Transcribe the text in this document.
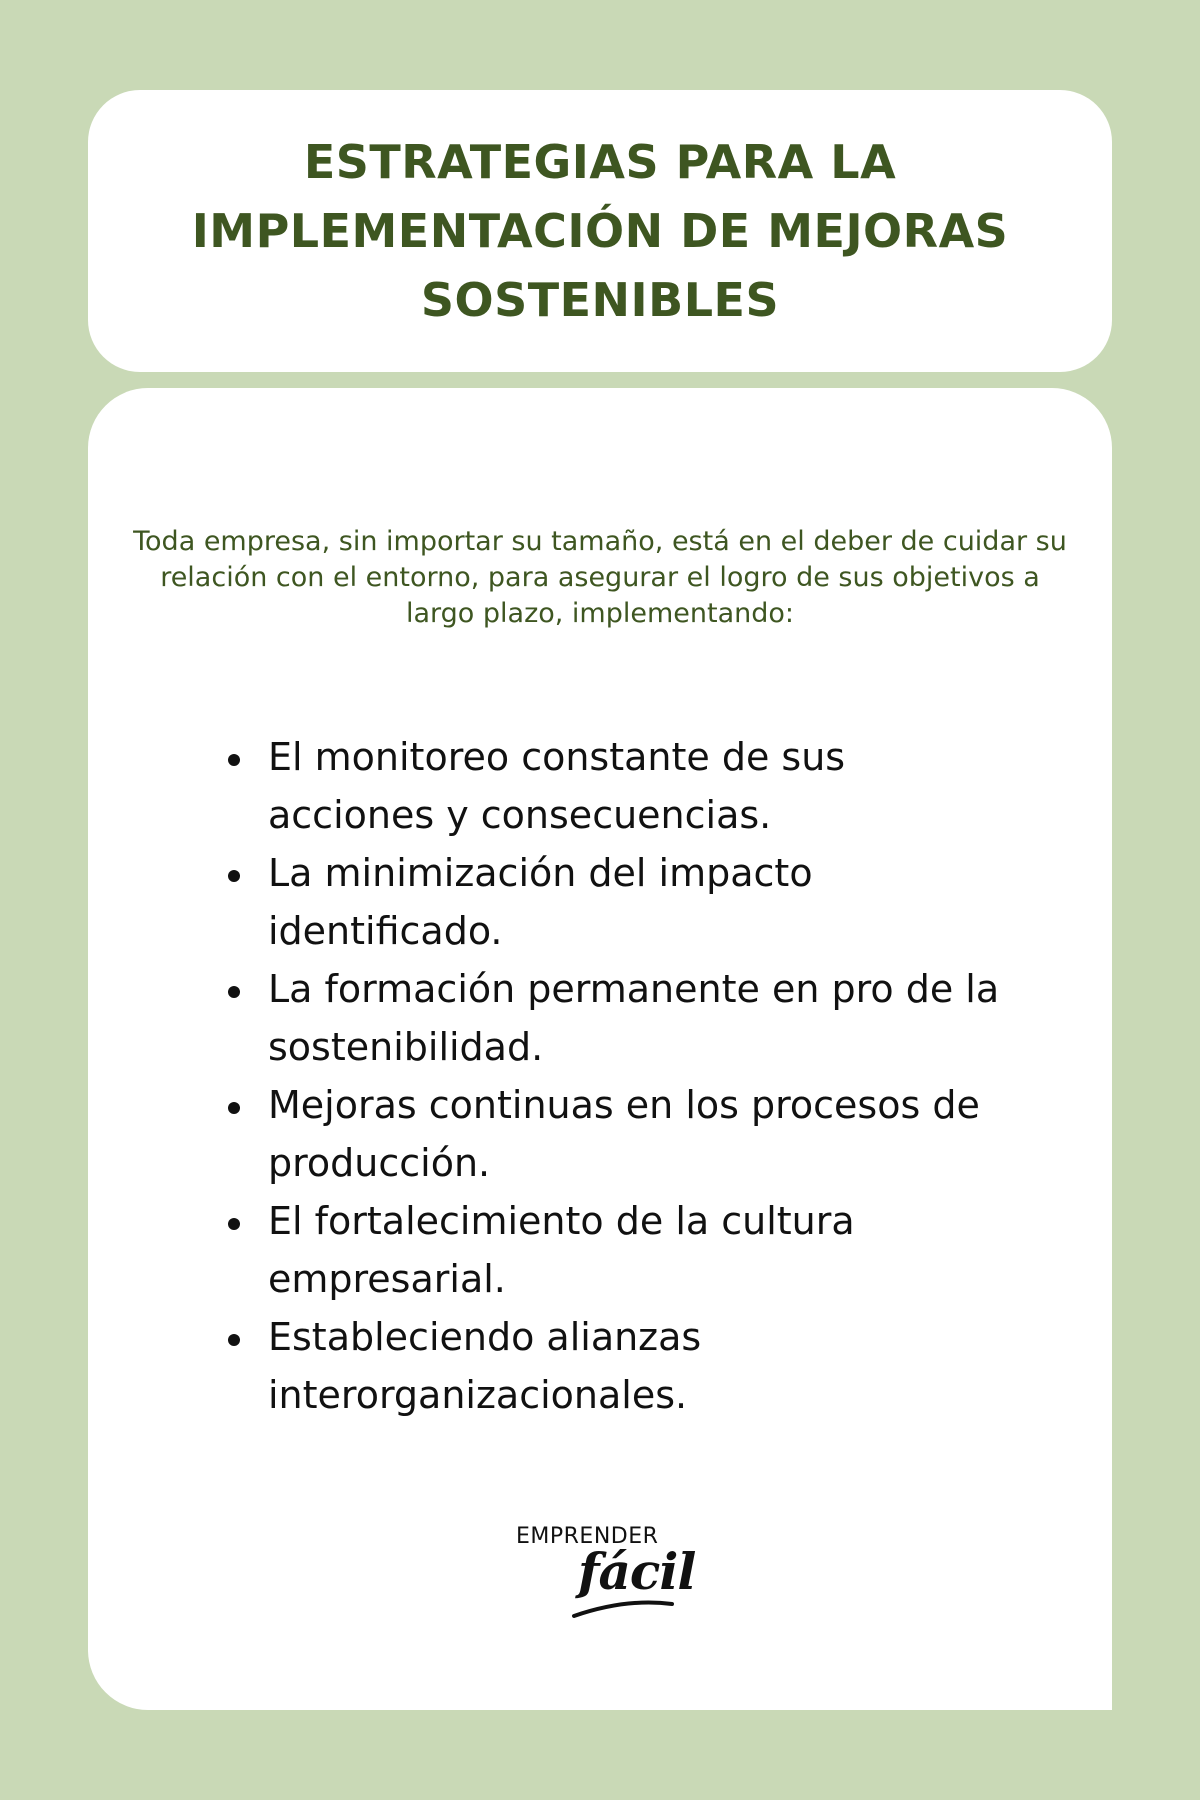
ESTRATEGIAS PARA LA IMPLEMENTACIÓN DE MEJORAS SOSTENIBLES

Toda empresa, sin importar su tamaño, está en el deber de cuidar su relación con el entorno, para asegurar el logro de sus objetivos a largo plazo, implementando:

El monitoreo constante de sus acciones y consecuencias.
La minimización del impacto identificado.
La formación permanente en pro de la sostenibilidad.
Mejoras continuas en los procesos de producción.
El fortalecimiento de la cultura empresarial.
Estableciendo alianzas interorganizacionales.
EMPRENDER
fácil
